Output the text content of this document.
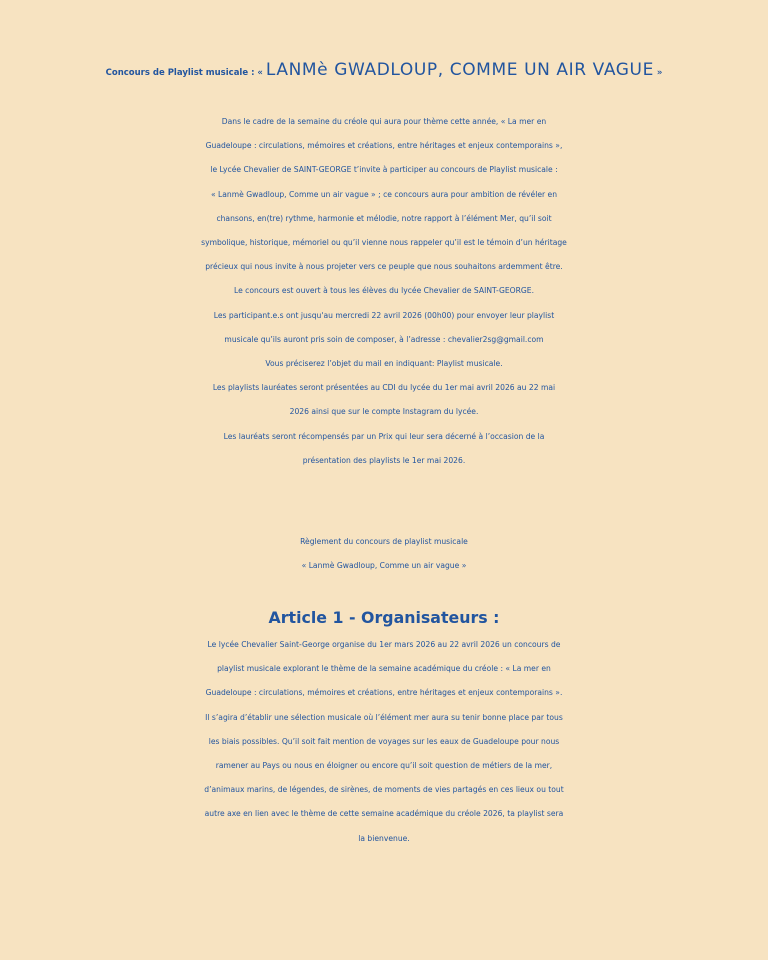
Concours de Playlist musicale : « LANMè GWADLOUP, COMME UN AIR VAGUE »

Dans le cadre de la semaine du créole qui aura pour thème cette année, « La mer en

Guadeloupe : circulations, mémoires et créations, entre héritages et enjeux contemporains »,

le Lycée Chevalier de SAINT-GEORGE t’invite à participer au concours de Playlist musicale :

« Lanmè Gwadloup, Comme un air vague » ; ce concours aura pour ambition de révéler en

chansons, en(tre) rythme, harmonie et mélodie, notre rapport à l’élément Mer, qu’il soit

symbolique, historique, mémoriel ou qu’il vienne nous rappeler qu’il est le témoin d’un héritage

précieux qui nous invite à nous projeter vers ce peuple que nous souhaitons ardemment être.

Le concours est ouvert à tous les élèves du lycée Chevalier de SAINT-GEORGE.

Les participant.e.s ont jusqu'au mercredi 22 avril 2026 (00h00) pour envoyer leur playlist

musicale qu’ils auront pris soin de composer, à l’adresse : chevalier2sg@gmail.com

Vous préciserez l’objet du mail en indiquant: Playlist musicale.

Les playlists lauréates seront présentées au CDI du lycée du 1er mai avril 2026 au 22 mai

2026 ainsi que sur le compte Instagram du lycée.

Les lauréats seront récompensés par un Prix qui leur sera décerné à l’occasion de la

présentation des playlists le 1er mai 2026.

Règlement du concours de playlist musicale

« Lanmè Gwadloup, Comme un air vague »

Article 1 - Organisateurs :

Le lycée Chevalier Saint-George organise du 1er mars 2026 au 22 avril 2026 un concours de

playlist musicale explorant le thème de la semaine académique du créole : « La mer en

Guadeloupe : circulations, mémoires et créations, entre héritages et enjeux contemporains ».

Il s’agira d’établir une sélection musicale où l’élément mer aura su tenir bonne place par tous

les biais possibles. Qu’il soit fait mention de voyages sur les eaux de Guadeloupe pour nous

ramener au Pays ou nous en éloigner ou encore qu’il soit question de métiers de la mer,

d’animaux marins, de légendes, de sirènes, de moments de vies partagés en ces lieux ou tout

autre axe en lien avec le thème de cette semaine académique du créole 2026, ta playlist sera

la bienvenue.
